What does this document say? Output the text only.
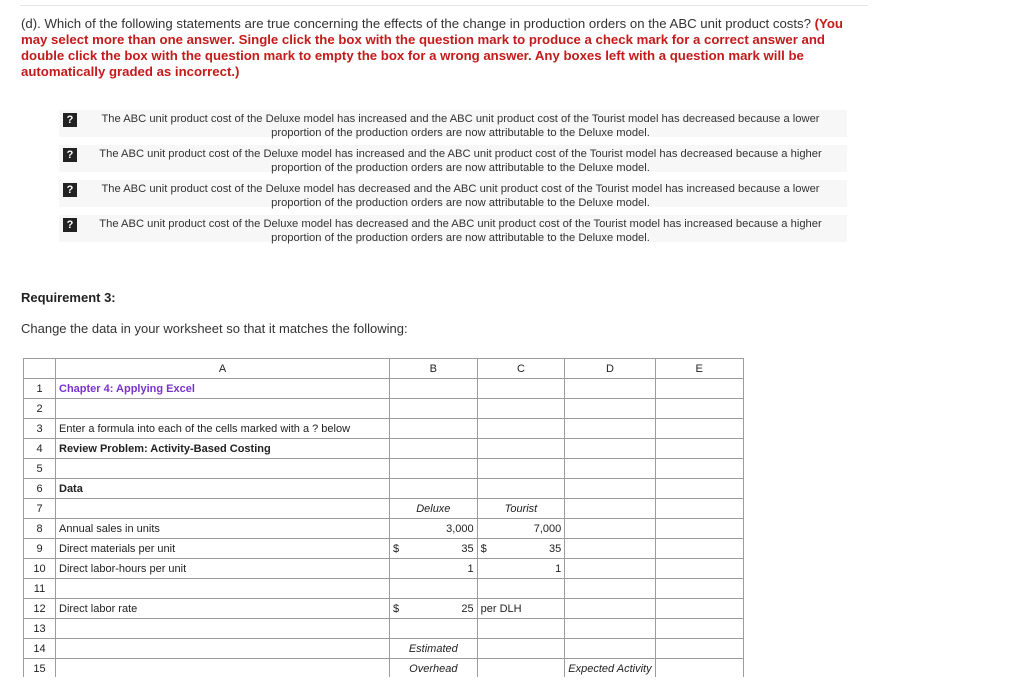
(d). Which of the following statements are true concerning the effects of the change in production orders on the ABC unit product costs? (You may select more than one answer. Single click the box with the question mark to produce a check mark for a correct answer and double click the box with the question mark to empty the box for a wrong answer. Any boxes left with a question mark will be automatically graded as incorrect.)
?	The ABC unit product cost of the Deluxe model has increased and the ABC unit product cost of the Tourist model has decreased because a lower proportion of the production orders are now attributable to the Deluxe model.
?	The ABC unit product cost of the Deluxe model has increased and the ABC unit product cost of the Tourist model has decreased because a higher proportion of the production orders are now attributable to the Deluxe model.
?	The ABC unit product cost of the Deluxe model has decreased and the ABC unit product cost of the Tourist model has increased because a lower proportion of the production orders are now attributable to the Deluxe model.
?	The ABC unit product cost of the Deluxe model has decreased and the ABC unit product cost of the Tourist model has increased because a higher proportion of the production orders are now attributable to the Deluxe model.
Requirement 3:
Change the data in your worksheet so that it matches the following:
	A	B		C		D	E
1	Chapter 4: Applying Excel						
2							
3	Enter a formula into each of the cells marked with a ? below						
4	Review Problem: Activity-Based Costing						
5							
6	Data						
7		Deluxe		Tourist			
8	Annual sales in units	3,000		7,000			
9	Direct materials per unit	$	35	$	35		
10	Direct labor-hours per unit	1		1			
11							
12	Direct labor rate	$	25	per DLH			
13							
14		Estimated					
15		Overhead				Expected Activity	
